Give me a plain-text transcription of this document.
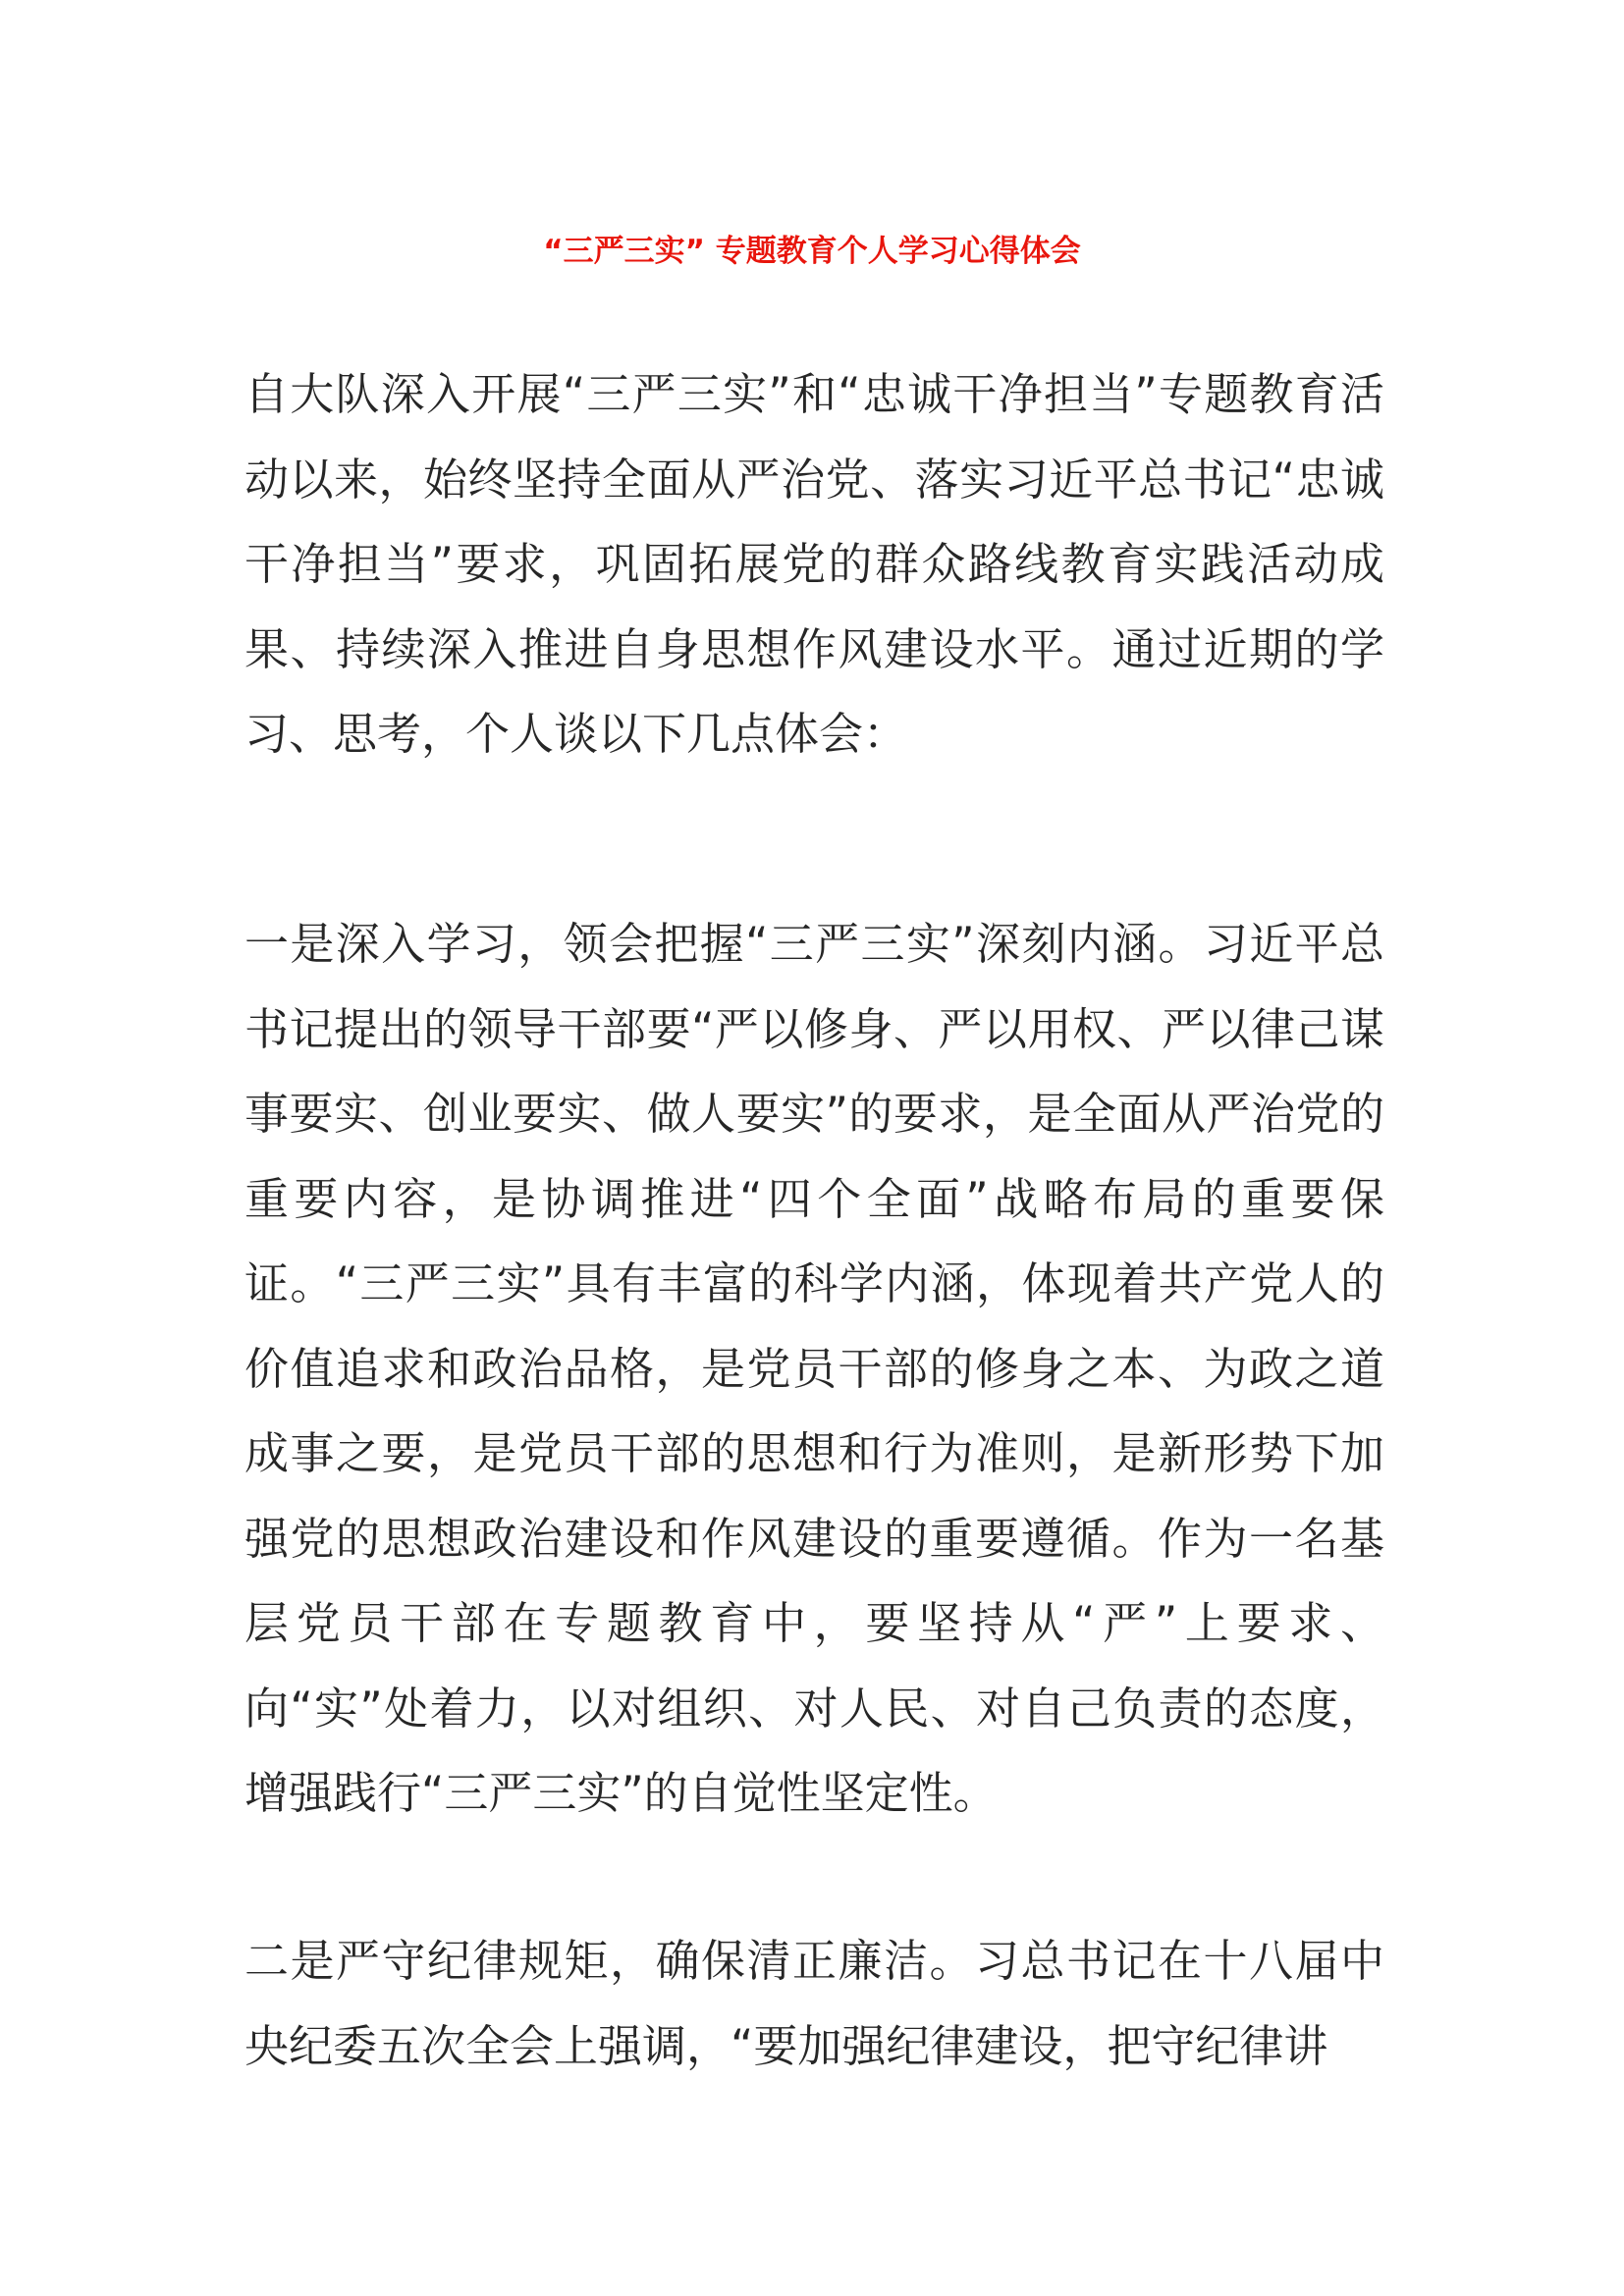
“三严三实” 专题教育个人学习心得体会

自大队深入开展“三严三实”和“忠诚干净担当”专题教育活动以来，始终坚持全面从严治党、落实习近平总书记“忠诚干净担当”要求，巩固拓展党的群众路线教育实践活动成果、持续深入推进自身思想作风建设水平。通过近期的学习、思考，个人谈以下几点体会：

一是深入学习，领会把握“三严三实”深刻内涵。习近平总书记提出的领导干部要“严以修身、严以用权、严以律己谋事要实、创业要实、做人要实”的要求，是全面从严治党的重要内容，是协调推进“四个全面”战略布局的重要保证。“三严三实”具有丰富的科学内涵，体现着共产党人的价值追求和政治品格，是党员干部的修身之本、为政之道成事之要，是党员干部的思想和行为准则，是新形势下加强党的思想政治建设和作风建设的重要遵循。作为一名基层党员干部在专题教育中，要坚持从“严”上要求、向“实”处着力，以对组织、对人民、对自己负责的态度，增强践行“三严三实”的自觉性坚定性。

二是严守纪律规矩，确保清正廉洁。习总书记在十八届中央纪委五次全会上强调，“要加强纪律建设，把守纪律讲
